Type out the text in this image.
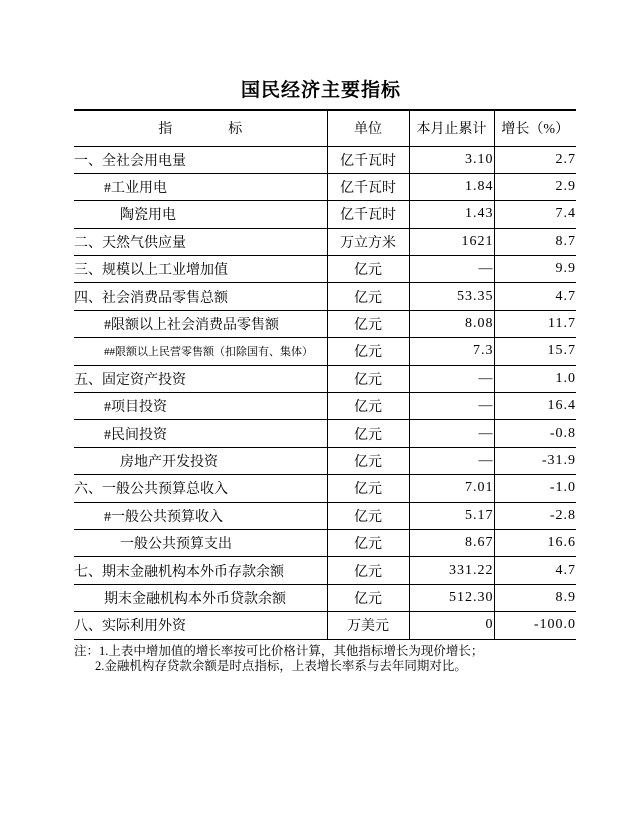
国民经济主要指标
指　　　　标	单位	本月止累计	增长（%）
一、全社会用电量	亿千瓦时	3.10	2.7
#工业用电	亿千瓦时	1.84	2.9
陶瓷用电	亿千瓦时	1.43	7.4
二、天然气供应量	万立方米	1621	8.7
三、规模以上工业增加值	亿元	—	9.9
四、社会消费品零售总额	亿元	53.35	4.7
#限额以上社会消费品零售额	亿元	8.08	11.7
##限额以上民营零售额（扣除国有、集体）	亿元	7.3	15.7
五、固定资产投资	亿元	—	1.0
#项目投资	亿元	—	16.4
#民间投资	亿元	—	-0.8
房地产开发投资	亿元	—	-31.9
六、一般公共预算总收入	亿元	7.01	-1.0
#一般公共预算收入	亿元	5.17	-2.8
一般公共预算支出	亿元	8.67	16.6
七、期末金融机构本外币存款余额	亿元	331.22	4.7
期末金融机构本外币贷款余额	亿元	512.30	8.9
八、实际利用外资	万美元	0	-100.0
注：1.上表中增加值的增长率按可比价格计算，其他指标增长为现价增长；
2.金融机构存贷款余额是时点指标，上表增长率系与去年同期对比。
